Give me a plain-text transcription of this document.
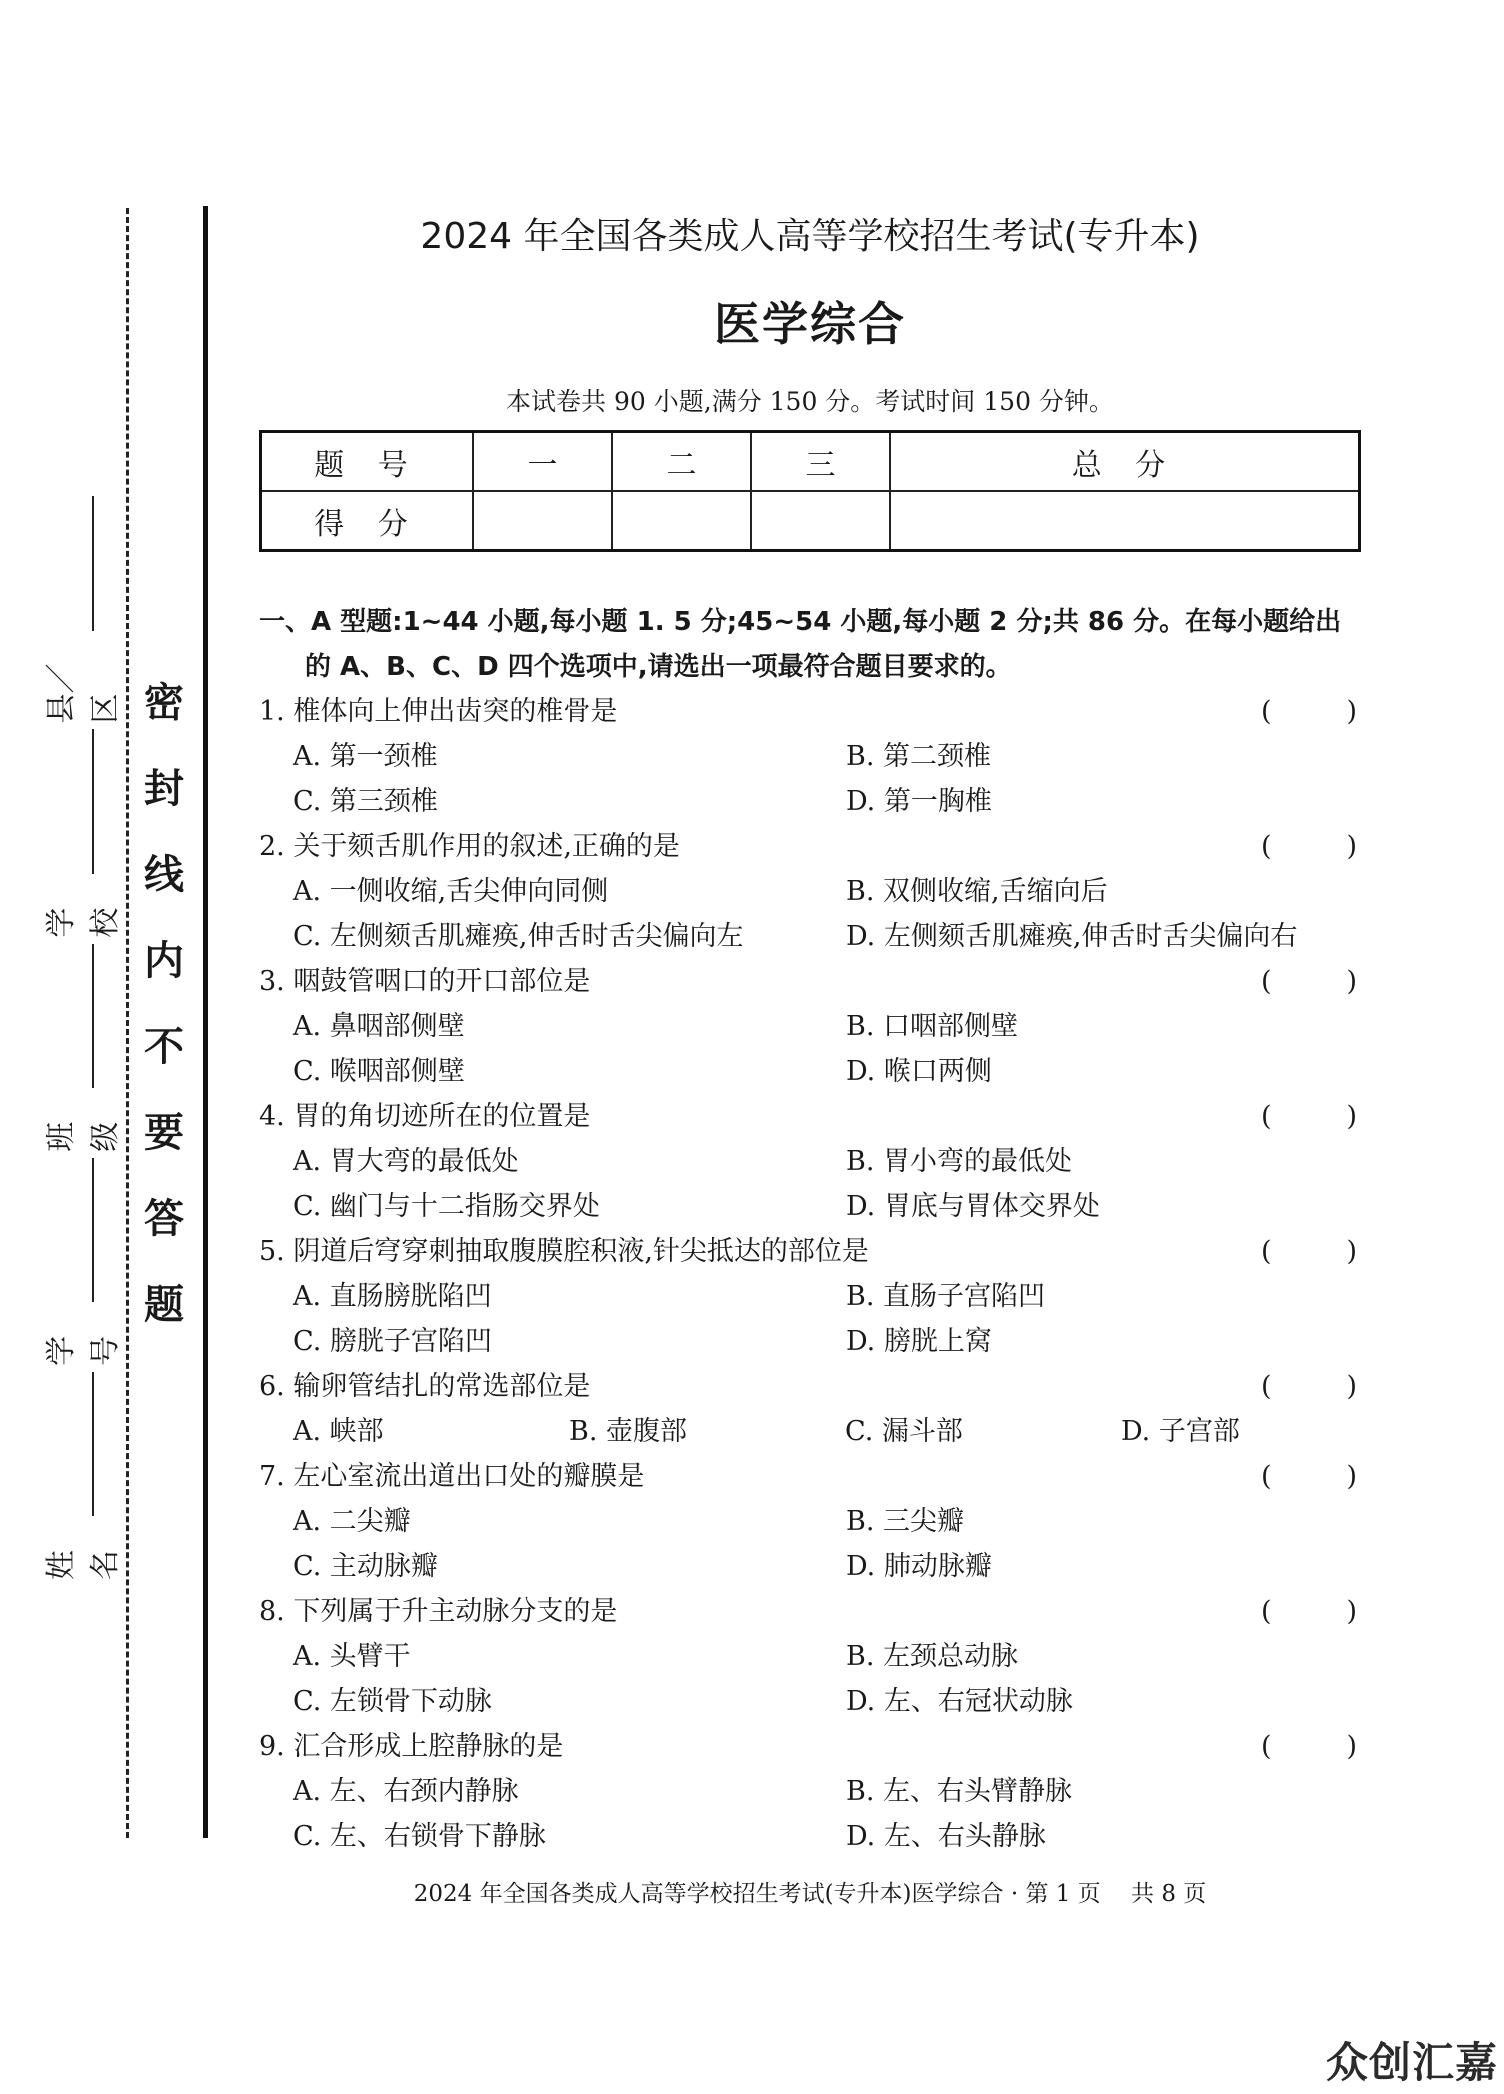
姓名
学号
班级
学校
县／区 密封线内不要答题
2024 年全国各类成人高等学校招生考试(专升本)
医学综合
本试卷共 90 小题,满分 150 分。考试时间 150 分钟。
题 号	一	二	三	总 分
得 分				
一、A 型题:1~44 小题,每小题 1. 5 分;45~54 小题,每小题 2 分;共 86 分。在每小题给出
的 A、B、C、D 四个选项中,请选出一项最符合题目要求的。
1. 椎体向上伸出齿突的椎骨是	(	)
A. 第一颈椎	B. 第二颈椎
C. 第三颈椎	D. 第一胸椎
2. 关于颏舌肌作用的叙述,正确的是	(	)
A. 一侧收缩,舌尖伸向同侧	B. 双侧收缩,舌缩向后
C. 左侧颏舌肌瘫痪,伸舌时舌尖偏向左	D. 左侧颏舌肌瘫痪,伸舌时舌尖偏向右
3. 咽鼓管咽口的开口部位是	(	)
A. 鼻咽部侧壁	B. 口咽部侧壁
C. 喉咽部侧壁	D. 喉口两侧
4. 胃的角切迹所在的位置是	(	)
A. 胃大弯的最低处	B. 胃小弯的最低处
C. 幽门与十二指肠交界处	D. 胃底与胃体交界处
5. 阴道后穹穿刺抽取腹膜腔积液,针尖抵达的部位是	(	)
A. 直肠膀胱陷凹	B. 直肠子宫陷凹
C. 膀胱子宫陷凹	D. 膀胱上窝
6. 输卵管结扎的常选部位是	(	)
A. 峡部	B. 壶腹部	C. 漏斗部	D. 子宫部
7. 左心室流出道出口处的瓣膜是	(	)
A. 二尖瓣	B. 三尖瓣
C. 主动脉瓣	D. 肺动脉瓣
8. 下列属于升主动脉分支的是	(	)
A. 头臂干	B. 左颈总动脉
C. 左锁骨下动脉	D. 左、右冠状动脉
9. 汇合形成上腔静脉的是	(	)
A. 左、右颈内静脉	B. 左、右头臂静脉
C. 左、右锁骨下静脉	D. 左、右头静脉
2024 年全国各类成人高等学校招生考试(专升本)医学综合 · 第 1 页　 共 8 页
众创汇嘉
